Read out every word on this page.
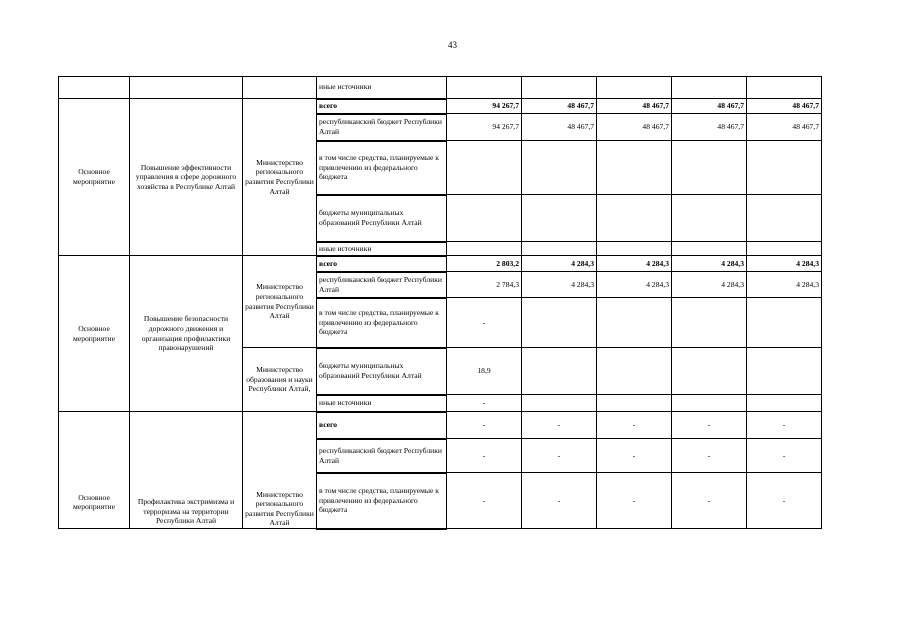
43
			иные источники					
Основное мероприятие	Повышение эффективности управления в сфере дорожного хозяйства в Республике Алтай	Министерство регионального развития Республики Алтай	всего	94 267,7	48 467,7	48 467,7	48 467,7	48 467,7
			республиканский бюджет Республики Алтай	94 267,7	48 467,7	48 467,7	48 467,7	48 467,7
			в том числе средства, планируемые к привлечению из федерального бюджета					
			бюджеты муниципальных образований Республики Алтай					
			иные источники					
Основное мероприятие	Повышение безопасности дорожного движения и организация профилактики правонарушений	Министерство регионального развития Республики Алтай	всего	2 803,2	4 284,3	4 284,3	4 284,3	4 284,3
			республиканский бюджет Республики Алтай	2 784,3	4 284,3	4 284,3	4 284,3	4 284,3
			в том числе средства, планируемые к привлечению из федерального бюджета	-				
		Министерство образования и науки Республики Алтай,	бюджеты муниципальных образований Республики Алтай	18,9				
			иные источники	-				
Основное мероприятие	Профилактика экстримизма и терроризма на территории Республики Алтай	Министерство регионального развития Республики Алтай	всего	-	-	-	-	-
			республиканский бюджет Республики Алтай	-	-	-	-	-
			в том числе средства, планируемые к привлечению из федерального бюджета	-	-	-	-	-
